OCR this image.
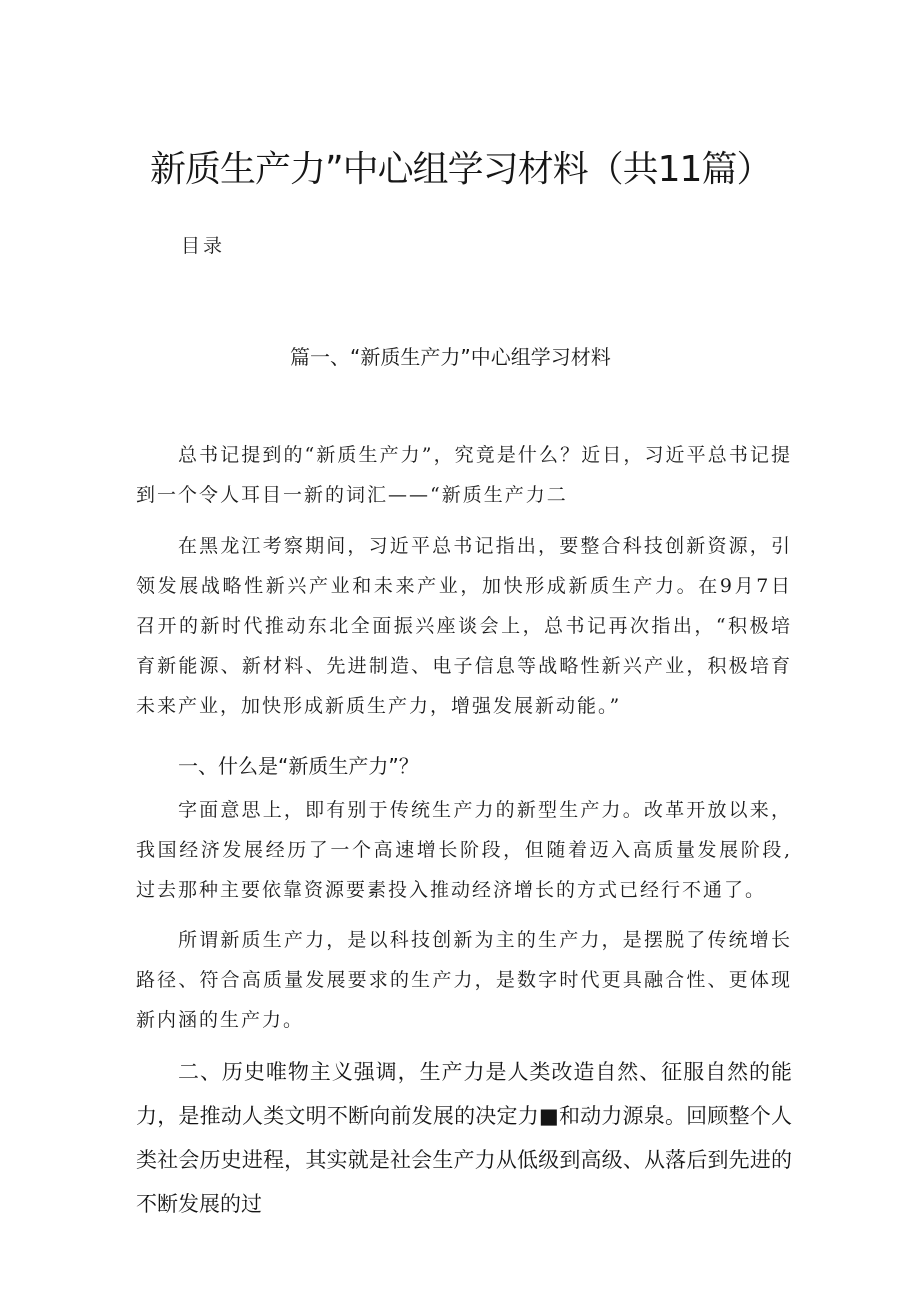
新质生产力”中心组学习材料（共11篇）
目录
篇一、“新质生产力”中心组学习材料

总书记提到的“新质生产力”，究竟是什么？近日，习近平总书记提到一个令人耳目一新的词汇——“新质生产力二

在黑龙江考察期间，习近平总书记指出，要整合科技创新资源，引领发展战略性新兴产业和未来产业，加快形成新质生产力。在9月7日召开的新时代推动东北全面振兴座谈会上，总书记再次指出，“积极培育新能源、新材料、先进制造、电子信息等战略性新兴产业，积极培育未来产业，加快形成新质生产力，增强发展新动能。”

一、什么是“新质生产力”？

字面意思上，即有别于传统生产力的新型生产力。改革开放以来，我国经济发展经历了一个高速增长阶段，但随着迈入高质量发展阶段,过去那种主要依靠资源要素投入推动经济增长的方式已经行不通了。

所谓新质生产力，是以科技创新为主的生产力，是摆脱了传统增长路径、符合高质量发展要求的生产力，是数字时代更具融合性、更体现新内涵的生产力。

二、历史唯物主义强调，生产力是人类改造自然、征服自然的能力，是推动人类文明不断向前发展的决定力■和动力源泉。回顾整个人类社会历史进程，其实就是社会生产力从低级到高级、从落后到先进的不断发展的过
